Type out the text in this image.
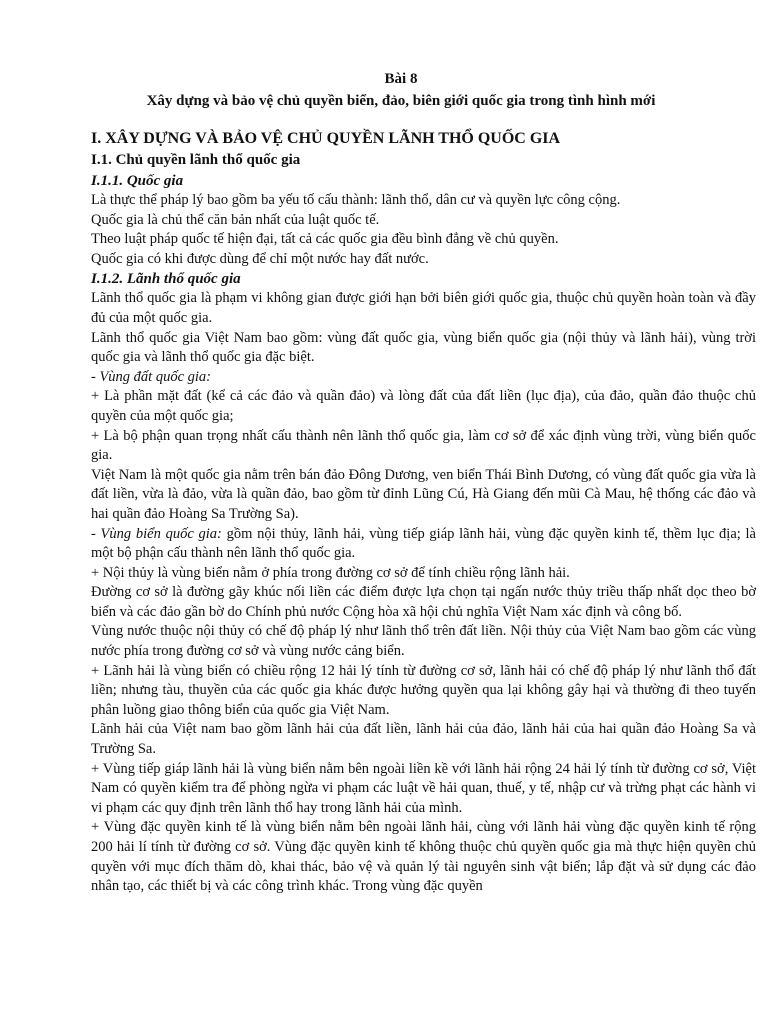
Bài 8
Xây dựng và bảo vệ chủ quyền biển, đảo, biên giới quốc gia trong tình hình mới
I. XÂY DỰNG VÀ BẢO VỆ CHỦ QUYỀN LÃNH THỔ QUỐC GIA
I.1. Chủ quyền lãnh thổ quốc gia
I.1.1. Quốc gia

Là thực thể pháp lý bao gồm ba yếu tố cấu thành: lãnh thổ, dân cư và quyền lực công cộng.

Quốc gia là chủ thể căn bản nhất của luật quốc tế.

Theo luật pháp quốc tế hiện đại, tất cả các quốc gia đều bình đẳng về chủ quyền.

Quốc gia có khi được dùng để chỉ một nước hay đất nước.

I.1.2. Lãnh thổ quốc gia

Lãnh thổ quốc gia là phạm vi không gian được giới hạn bởi biên giới quốc gia, thuộc chủ quyền hoàn toàn và đầy đủ của một quốc gia.

Lãnh thổ quốc gia Việt Nam bao gồm: vùng đất quốc gia, vùng biển quốc gia (nội thủy và lãnh hải), vùng trời quốc gia và lãnh thổ quốc gia đặc biệt.

- Vùng đất quốc gia:

+ Là phần mặt đất (kể cả các đảo và quần đảo) và lòng đất của đất liền (lục địa), của đảo, quần đảo thuộc chủ quyền của một quốc gia;

+ Là bộ phận quan trọng nhất cấu thành nên lãnh thổ quốc gia, làm cơ sở để xác định vùng trời, vùng biển quốc gia.

Việt Nam là một quốc gia nằm trên bán đảo Đông Dương, ven biển Thái Bình Dương, có vùng đất quốc gia vừa là đất liền, vừa là đảo, vừa là quần đảo, bao gồm từ đỉnh Lũng Cú, Hà Giang đến mũi Cà Mau, hệ thống các đảo và hai quần đảo Hoàng Sa Trường Sa).

- Vùng biển quốc gia: gồm nội thủy, lãnh hải, vùng tiếp giáp lãnh hải, vùng đặc quyền kinh tế, thềm lục địa; là một bộ phận cấu thành nên lãnh thổ quốc gia.

+ Nội thủy là vùng biển nằm ở phía trong đường cơ sở để tính chiều rộng lãnh hải.

Đường cơ sở là đường gãy khúc nối liền các điểm được lựa chọn tại ngấn nước thủy triều thấp nhất dọc theo bờ biển và các đảo gần bờ do Chính phủ nước Cộng hòa xã hội chủ nghĩa Việt Nam xác định và công bố.

Vùng nước thuộc nội thủy có chế độ pháp lý như lãnh thổ trên đất liền. Nội thủy của Việt Nam bao gồm các vùng nước phía trong đường cơ sở và vùng nước cảng biển.

+ Lãnh hải là vùng biển có chiều rộng 12 hải lý tính từ đường cơ sở, lãnh hải có chế độ pháp lý như lãnh thổ đất liền; nhưng tàu, thuyền của các quốc gia khác được hưởng quyền qua lại không gây hại và thường đi theo tuyến phân luồng giao thông biển của quốc gia Việt Nam.

Lãnh hải của Việt nam bao gồm lãnh hải của đất liền, lãnh hải của đảo, lãnh hải của hai quần đảo Hoàng Sa và Trường Sa.

+ Vùng tiếp giáp lãnh hải là vùng biển nằm bên ngoài liền kề với lãnh hải rộng 24 hải lý tính từ đường cơ sở, Việt Nam có quyền kiểm tra để phòng ngừa vi phạm các luật về hải quan, thuế, y tế, nhập cư và trừng phạt các hành vi vi phạm các quy định trên lãnh thổ hay trong lãnh hải của mình.

+ Vùng đặc quyền kinh tế là vùng biển nằm bên ngoài lãnh hải, cùng với lãnh hải vùng đặc quyền kinh tế rộng 200 hải lí tính từ đường cơ sở. Vùng đặc quyền kinh tế không thuộc chủ quyền quốc gia mà thực hiện quyền chủ quyền với mục đích thăm dò, khai thác, bảo vệ và quản lý tài nguyên sinh vật biển; lắp đặt và sử dụng các đảo nhân tạo, các thiết bị và các công trình khác. Trong vùng đặc quyền
